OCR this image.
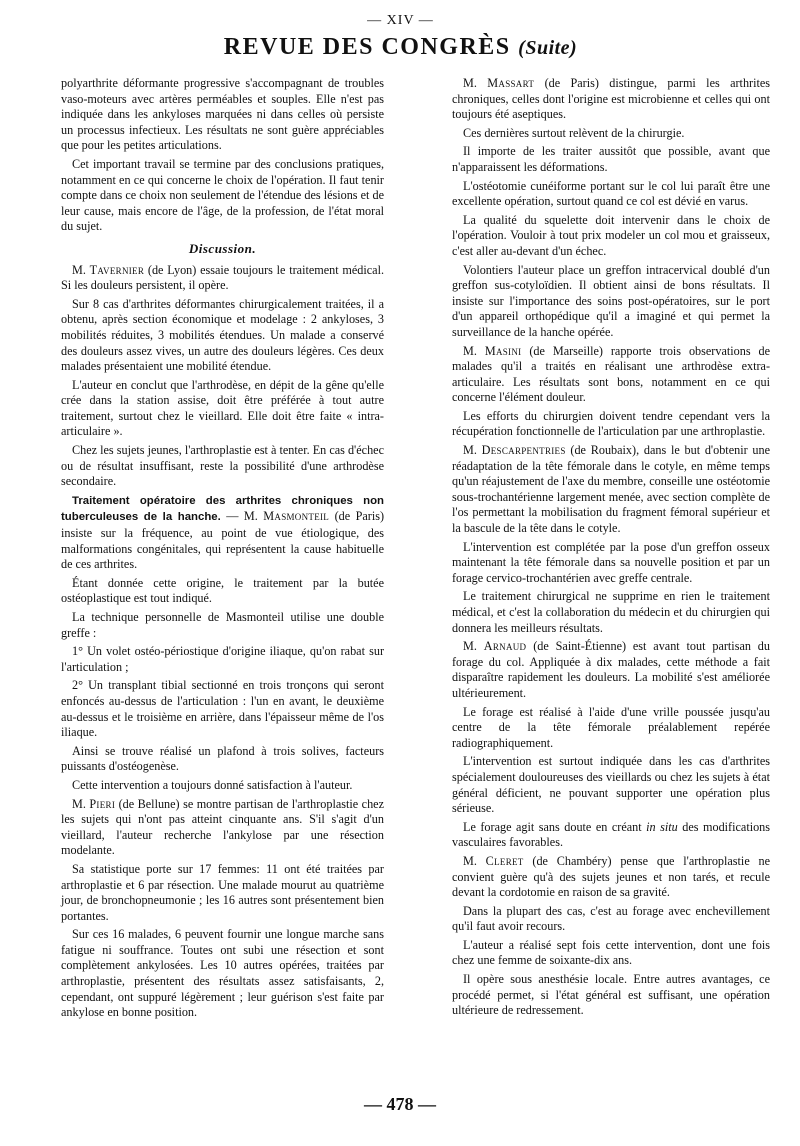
— XIV —
REVUE DES CONGRÈS (Suite)

polyarthrite déformante progressive s'accompagnant de troubles vaso-moteurs avec artères perméables et souples. Elle n'est pas indiquée dans les ankyloses marquées ni dans celles où persiste un processus infectieux. Les résultats ne sont guère appréciables que pour les petites articulations.

Cet important travail se termine par des conclusions pratiques, notamment en ce qui concerne le choix de l'opération. Il faut tenir compte dans ce choix non seulement de l'étendue des lésions et de leur cause, mais encore de l'âge, de la profession, de l'état moral du sujet.

Discussion.

M. Tavernier (de Lyon) essaie toujours le traitement médical. Si les douleurs persistent, il opère.

Sur 8 cas d'arthrites déformantes chirurgicalement traitées, il a obtenu, après section économique et modelage : 2 ankyloses, 3 mobilités réduites, 3 mobilités étendues. Un malade a conservé des douleurs assez vives, un autre des douleurs légères. Ces deux malades présentaient une mobilité étendue.

L'auteur en conclut que l'arthrodèse, en dépit de la gêne qu'elle crée dans la station assise, doit être préférée à tout autre traitement, surtout chez le vieillard. Elle doit être faite « intra-articulaire ».

Chez les sujets jeunes, l'arthroplastie est à tenter. En cas d'échec ou de résultat insuffisant, reste la possibilité d'une arthrodèse secondaire.

Traitement opératoire des arthrites chroniques non tuberculeuses de la hanche. — M. Masmonteil (de Paris) insiste sur la fréquence, au point de vue étiologique, des malformations congénitales, qui représentent la cause habituelle de ces arthrites.

Étant donnée cette origine, le traitement par la butée ostéoplastique est tout indiqué.

La technique personnelle de Masmonteil utilise une double greffe :

1° Un volet ostéo-périostique d'origine iliaque, qu'on rabat sur l'articulation ;

2° Un transplant tibial sectionné en trois tronçons qui seront enfoncés au-dessus de l'articulation : l'un en avant, le deuxième au-dessus et le troisième en arrière, dans l'épaisseur même de l'os iliaque.

Ainsi se trouve réalisé un plafond à trois solives, facteurs puissants d'ostéogenèse.

Cette intervention a toujours donné satisfaction à l'auteur.

M. Pieri (de Bellune) se montre partisan de l'arthroplastie chez les sujets qui n'ont pas atteint cinquante ans. S'il s'agit d'un vieillard, l'auteur recherche l'ankylose par une résection modelante.

Sa statistique porte sur 17 femmes: 11 ont été traitées par arthroplastie et 6 par résection. Une malade mourut au quatrième jour, de bronchopneumonie ; les 16 autres sont présentement bien portantes.

Sur ces 16 malades, 6 peuvent fournir une longue marche sans fatigue ni souffrance. Toutes ont subi une résection et sont complètement ankylosées. Les 10 autres opérées, traitées par arthroplastie, présentent des résultats assez satisfaisants, 2, cependant, ont suppuré légèrement ; leur guérison s'est faite par ankylose en bonne position.

M. Massart (de Paris) distingue, parmi les arthrites chroniques, celles dont l'origine est microbienne et celles qui ont toujours été aseptiques.

Ces dernières surtout relèvent de la chirurgie.

Il importe de les traiter aussitôt que possible, avant que n'apparaissent les déformations.

L'ostéotomie cunéiforme portant sur le col lui paraît être une excellente opération, surtout quand ce col est dévié en varus.

La qualité du squelette doit intervenir dans le choix de l'opération. Vouloir à tout prix modeler un col mou et graisseux, c'est aller au-devant d'un échec.

Volontiers l'auteur place un greffon intracervical doublé d'un greffon sus-cotyloïdien. Il obtient ainsi de bons résultats. Il insiste sur l'importance des soins post-opératoires, sur le port d'un appareil orthopédique qu'il a imaginé et qui permet la surveillance de la hanche opérée.

M. Masini (de Marseille) rapporte trois observations de malades qu'il a traités en réalisant une arthrodèse extra-articulaire. Les résultats sont bons, notamment en ce qui concerne l'élément douleur.

Les efforts du chirurgien doivent tendre cependant vers la récupération fonctionnelle de l'articulation par une arthroplastie.

M. Descarpentries (de Roubaix), dans le but d'obtenir une réadaptation de la tête fémorale dans le cotyle, en même temps qu'un réajustement de l'axe du membre, conseille une ostéotomie sous-trochantérienne largement menée, avec section complète de l'os permettant la mobilisation du fragment fémoral supérieur et la bascule de la tête dans le cotyle.

L'intervention est complétée par la pose d'un greffon osseux maintenant la tête fémorale dans sa nouvelle position et par un forage cervico-trochantérien avec greffe centrale.

Le traitement chirurgical ne supprime en rien le traitement médical, et c'est la collaboration du médecin et du chirurgien qui donnera les meilleurs résultats.

M. Arnaud (de Saint-Étienne) est avant tout partisan du forage du col. Appliquée à dix malades, cette méthode a fait disparaître rapidement les douleurs. La mobilité s'est améliorée ultérieurement.

Le forage est réalisé à l'aide d'une vrille poussée jusqu'au centre de la tête fémorale préalablement repérée radiographiquement.

L'intervention est surtout indiquée dans les cas d'arthrites spécialement douloureuses des vieillards ou chez les sujets à état général déficient, ne pouvant supporter une opération plus sérieuse.

Le forage agit sans doute en créant in situ des modifications vasculaires favorables.

M. Cleret (de Chambéry) pense que l'arthroplastie ne convient guère qu'à des sujets jeunes et non tarés, et recule devant la cordotomie en raison de sa gravité.

Dans la plupart des cas, c'est au forage avec enchevillement qu'il faut avoir recours.

L'auteur a réalisé sept fois cette intervention, dont une fois chez une femme de soixante-dix ans.

Il opère sous anesthésie locale. Entre autres avantages, ce procédé permet, si l'état général est suffisant, une opération ultérieure de redressement.

— 478 —
